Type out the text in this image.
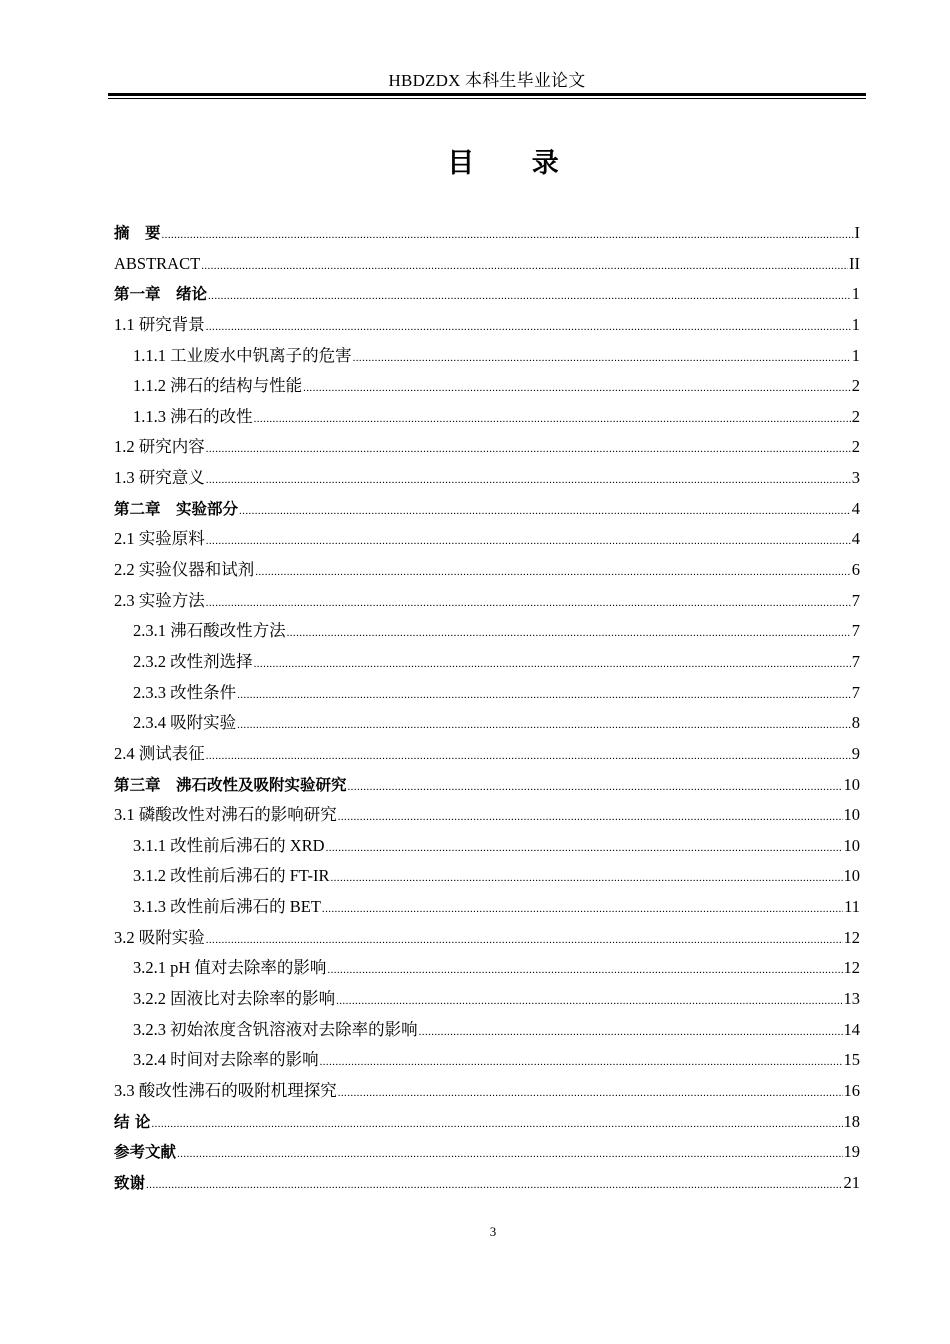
HBDZDX 本科生毕业论文
目 录
摘　要 .....	I
ABSTRACT .....	II
第一章　绪论 .....	1
1.1 研究背景 .....	1
1.1.1 工业废水中钒离子的危害 .....	1
1.1.2 沸石的结构与性能 .....	2
1.1.3 沸石的改性 .....	2
1.2 研究内容 .....	2
1.3 研究意义 .....	3
第二章　实验部分 .....	4
2.1 实验原料 .....	4
2.2 实验仪器和试剂 .....	6
2.3 实验方法 .....	7
2.3.1 沸石酸改性方法 .....	7
2.3.2 改性剂选择 .....	7
2.3.3 改性条件 .....	7
2.3.4 吸附实验 .....	8
2.4 测试表征 .....	9
第三章　沸石改性及吸附实验研究 .....	10
3.1 磷酸改性对沸石的影响研究 .....	10
3.1.1 改性前后沸石的 XRD .....	10
3.1.2 改性前后沸石的 FT-IR .....	10
3.1.3 改性前后沸石的 BET .....	11
3.2 吸附实验 .....	12
3.2.1 pH 值对去除率的影响 .....	12
3.2.2 固液比对去除率的影响 .....	13
3.2.3 初始浓度含钒溶液对去除率的影响 .....	14
3.2.4 时间对去除率的影响 .....	15
3.3 酸改性沸石的吸附机理探究 .....	16
结 论 .....	18
参考文献 .....	19
致谢 .....	21
3
